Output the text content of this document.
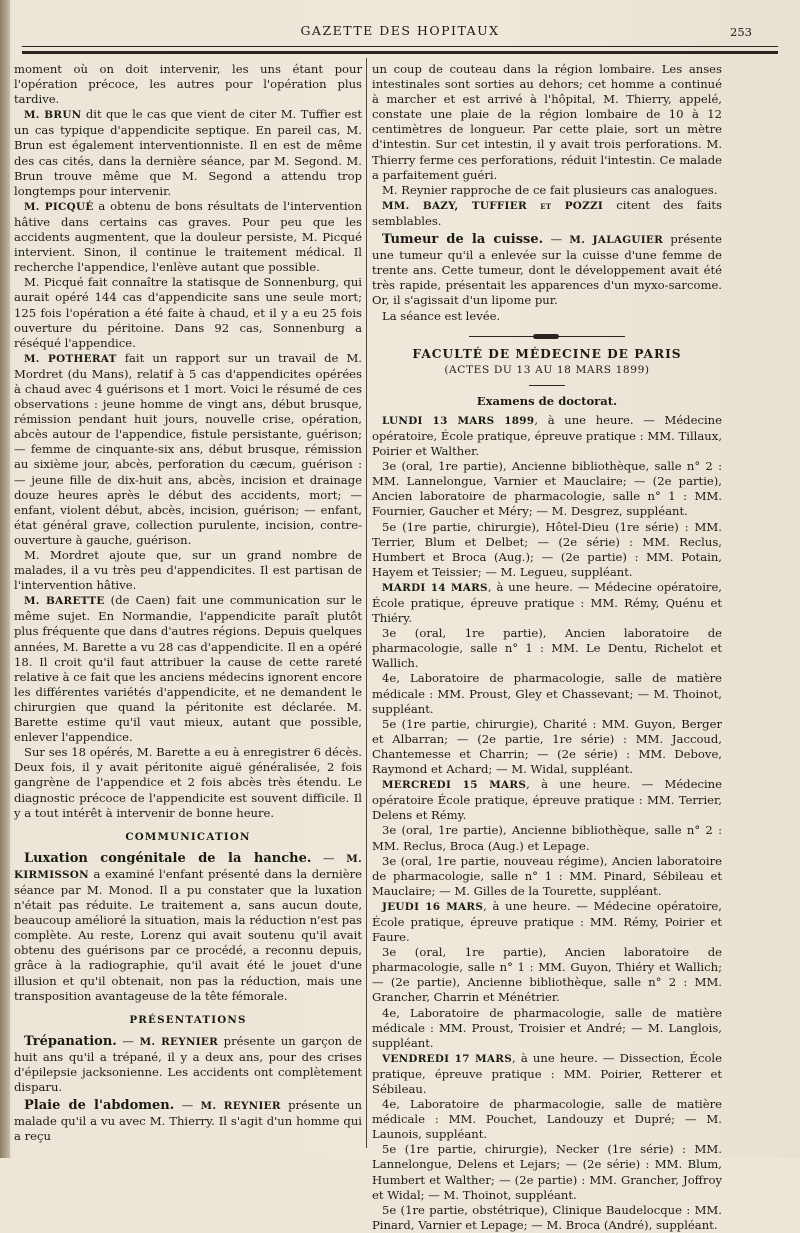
GAZETTE DES HOPITAUX	253

moment où on doit intervenir, les uns étant pour l'opération précoce, les autres pour l'opération plus tardive.

M. BRUN dit que le cas que vient de citer M. Tuffier est un cas typique d'appendicite septique. En pareil cas, M. Brun est également interventionniste. Il en est de même des cas cités, dans la dernière séance, par M. Segond. M. Brun trouve même que M. Segond a attendu trop longtemps pour intervenir.

M. PICQUÉ a obtenu de bons résultats de l'intervention hâtive dans certains cas graves. Pour peu que les accidents augmentent, que la douleur persiste, M. Picqué intervient. Sinon, il continue le traitement médical. Il recherche l'appendice, l'enlève autant que possible.

M. Picqué fait connaître la statisque de Sonnenburg, qui aurait opéré 144 cas d'appendicite sans une seule mort; 125 fois l'opération a été faite à chaud, et il y a eu 25 fois ouverture du péritoine. Dans 92 cas, Sonnenburg a réséqué l'appendice.

M. POTHERAT fait un rapport sur un travail de M. Mordret (du Mans), relatif à 5 cas d'appendicites opérées à chaud avec 4 guérisons et 1 mort. Voici le résumé de ces observations : jeune homme de vingt ans, début brusque, rémission pendant huit jours, nouvelle crise, opération, abcès autour de l'appendice, fistule persistante, guérison; — femme de cinquante-six ans, début brusque, rémission au sixième jour, abcès, perforation du cæcum, guérison : — jeune fille de dix-huit ans, abcès, incision et drainage douze heures après le début des accidents, mort; — enfant, violent début, abcès, incision, guérison; — enfant, état général grave, collection purulente, incision, contre-ouverture à gauche, guérison.

M. Mordret ajoute que, sur un grand nombre de malades, il a vu très peu d'appendicites. Il est partisan de l'intervention hâtive.

M. BARETTE (de Caen) fait une communication sur le même sujet. En Normandie, l'appendicite paraît plutôt plus fréquente que dans d'autres régions. Depuis quelques années, M. Barette a vu 28 cas d'appendicite. Il en a opéré 18. Il croit qu'il faut attribuer la cause de cette rareté relative à ce fait que les anciens médecins ignorent encore les différentes variétés d'appendicite, et ne demandent le chirurgien que quand la péritonite est déclarée. M. Barette estime qu'il vaut mieux, autant que possible, enlever l'appendice.

Sur ses 18 opérés, M. Barette a eu à enregistrer 6 décès. Deux fois, il y avait péritonite aiguë généralisée, 2 fois gangrène de l'appendice et 2 fois abcès très étendu. Le diagnostic précoce de l'appendicite est souvent difficile. Il y a tout intérêt à intervenir de bonne heure.

COMMUNICATION

Luxation congénitale de la hanche. — M. KIRMISSON a examiné l'enfant présenté dans la dernière séance par M. Monod. Il a pu constater que la luxation n'était pas réduite. Le traitement a, sans aucun doute, beaucoup amélioré la situation, mais la réduction n'est pas complète. Au reste, Lorenz qui avait soutenu qu'il avait obtenu des guérisons par ce procédé, a reconnu depuis, grâce à la radiographie, qu'il avait été le jouet d'une illusion et qu'il obtenait, non pas la réduction, mais une transposition avantageuse de la tête fémorale.

PRÉSENTATIONS

Trépanation. — M. REYNIER présente un garçon de huit ans qu'il a trépané, il y a deux ans, pour des crises d'épilepsie jacksonienne. Les accidents ont complètement disparu.

Plaie de l'abdomen. — M. REYNIER présente un malade qu'il a vu avec M. Thierry. Il s'agit d'un homme qui a reçu

un coup de couteau dans la région lombaire. Les anses intestinales sont sorties au dehors; cet homme a continué à marcher et est arrivé à l'hôpital, M. Thierry, appelé, constate une plaie de la région lombaire de 10 à 12 centimètres de longueur. Par cette plaie, sort un mètre d'intestin. Sur cet intestin, il y avait trois perforations. M. Thierry ferme ces perforations, réduit l'intestin. Ce malade a parfaitement guéri.

M. Reynier rapproche de ce fait plusieurs cas analogues.

MM. BAZY, TUFFIER et POZZI citent des faits semblables.

Tumeur de la cuisse. — M. JALAGUIER présente une tumeur qu'il a enlevée sur la cuisse d'une femme de trente ans. Cette tumeur, dont le développement avait été très rapide, présentait les apparences d'un myxo-sarcome. Or, il s'agissait d'un lipome pur.

La séance est levée.

FACULTÉ DE MÉDECINE DE PARIS
(ACTES DU 13 AU 18 MARS 1899)
Examens de doctorat.

LUNDI 13 MARS 1899, à une heure. — Médecine opératoire, École pratique, épreuve pratique : MM. Tillaux, Poirier et Walther.

3e (oral, 1re partie), Ancienne bibliothèque, salle n° 2 : MM. Lannelongue, Varnier et Mauclaire; — (2e partie), Ancien laboratoire de pharmacologie, salle n° 1 : MM. Fournier, Gaucher et Méry; — M. Desgrez, suppléant.

5e (1re partie, chirurgie), Hôtel-Dieu (1re série) : MM. Terrier, Blum et Delbet; — (2e série) : MM. Reclus, Humbert et Broca (Aug.); — (2e partie) : MM. Potain, Hayem et Teissier; — M. Legueu, suppléant.

MARDI 14 MARS, à une heure. — Médecine opératoire, École pratique, épreuve pratique : MM. Rémy, Quénu et Thiéry.

3e (oral, 1re partie), Ancien laboratoire de pharmacologie, salle n° 1 : MM. Le Dentu, Richelot et Wallich.

4e, Laboratoire de pharmacologie, salle de matière médicale : MM. Proust, Gley et Chassevant; — M. Thoinot, suppléant.

5e (1re partie, chirurgie), Charité : MM. Guyon, Berger et Albarran; — (2e partie, 1re série) : MM. Jaccoud, Chantemesse et Charrin; — (2e série) : MM. Debove, Raymond et Achard; — M. Widal, suppléant.

MERCREDI 15 MARS, à une heure. — Médecine opératoire École pratique, épreuve pratique : MM. Terrier, Delens et Rémy.

3e (oral, 1re partie), Ancienne bibliothèque, salle n° 2 : MM. Reclus, Broca (Aug.) et Lepage.

3e (oral, 1re partie, nouveau régime), Ancien laboratoire de pharmacologie, salle n° 1 : MM. Pinard, Sébileau et Mauclaire; — M. Gilles de la Tourette, suppléant.

JEUDI 16 MARS, à une heure. — Médecine opératoire, École pratique, épreuve pratique : MM. Rémy, Poirier et Faure.

3e (oral, 1re partie), Ancien laboratoire de pharmacologie, salle n° 1 : MM. Guyon, Thiéry et Wallich; — (2e partie), Ancienne bibliothèque, salle n° 2 : MM. Grancher, Charrin et Ménétrier.

4e, Laboratoire de pharmacologie, salle de matière médicale : MM. Proust, Troisier et André; — M. Langlois, suppléant.

VENDREDI 17 MARS, à une heure. — Dissection, École pratique, épreuve pratique : MM. Poirier, Retterer et Sébileau.

4e, Laboratoire de pharmacologie, salle de matière médicale : MM. Pouchet, Landouzy et Dupré; — M. Launois, suppléant.

5e (1re partie, chirurgie), Necker (1re série) : MM. Lannelongue, Delens et Lejars; — (2e série) : MM. Blum, Humbert et Walther; — (2e partie) : MM. Grancher, Joffroy et Widal; — M. Thoinot, suppléant.

5e (1re partie, obstétrique), Clinique Baudelocque : MM. Pinard, Varnier et Lepage; — M. Broca (André), suppléant.
